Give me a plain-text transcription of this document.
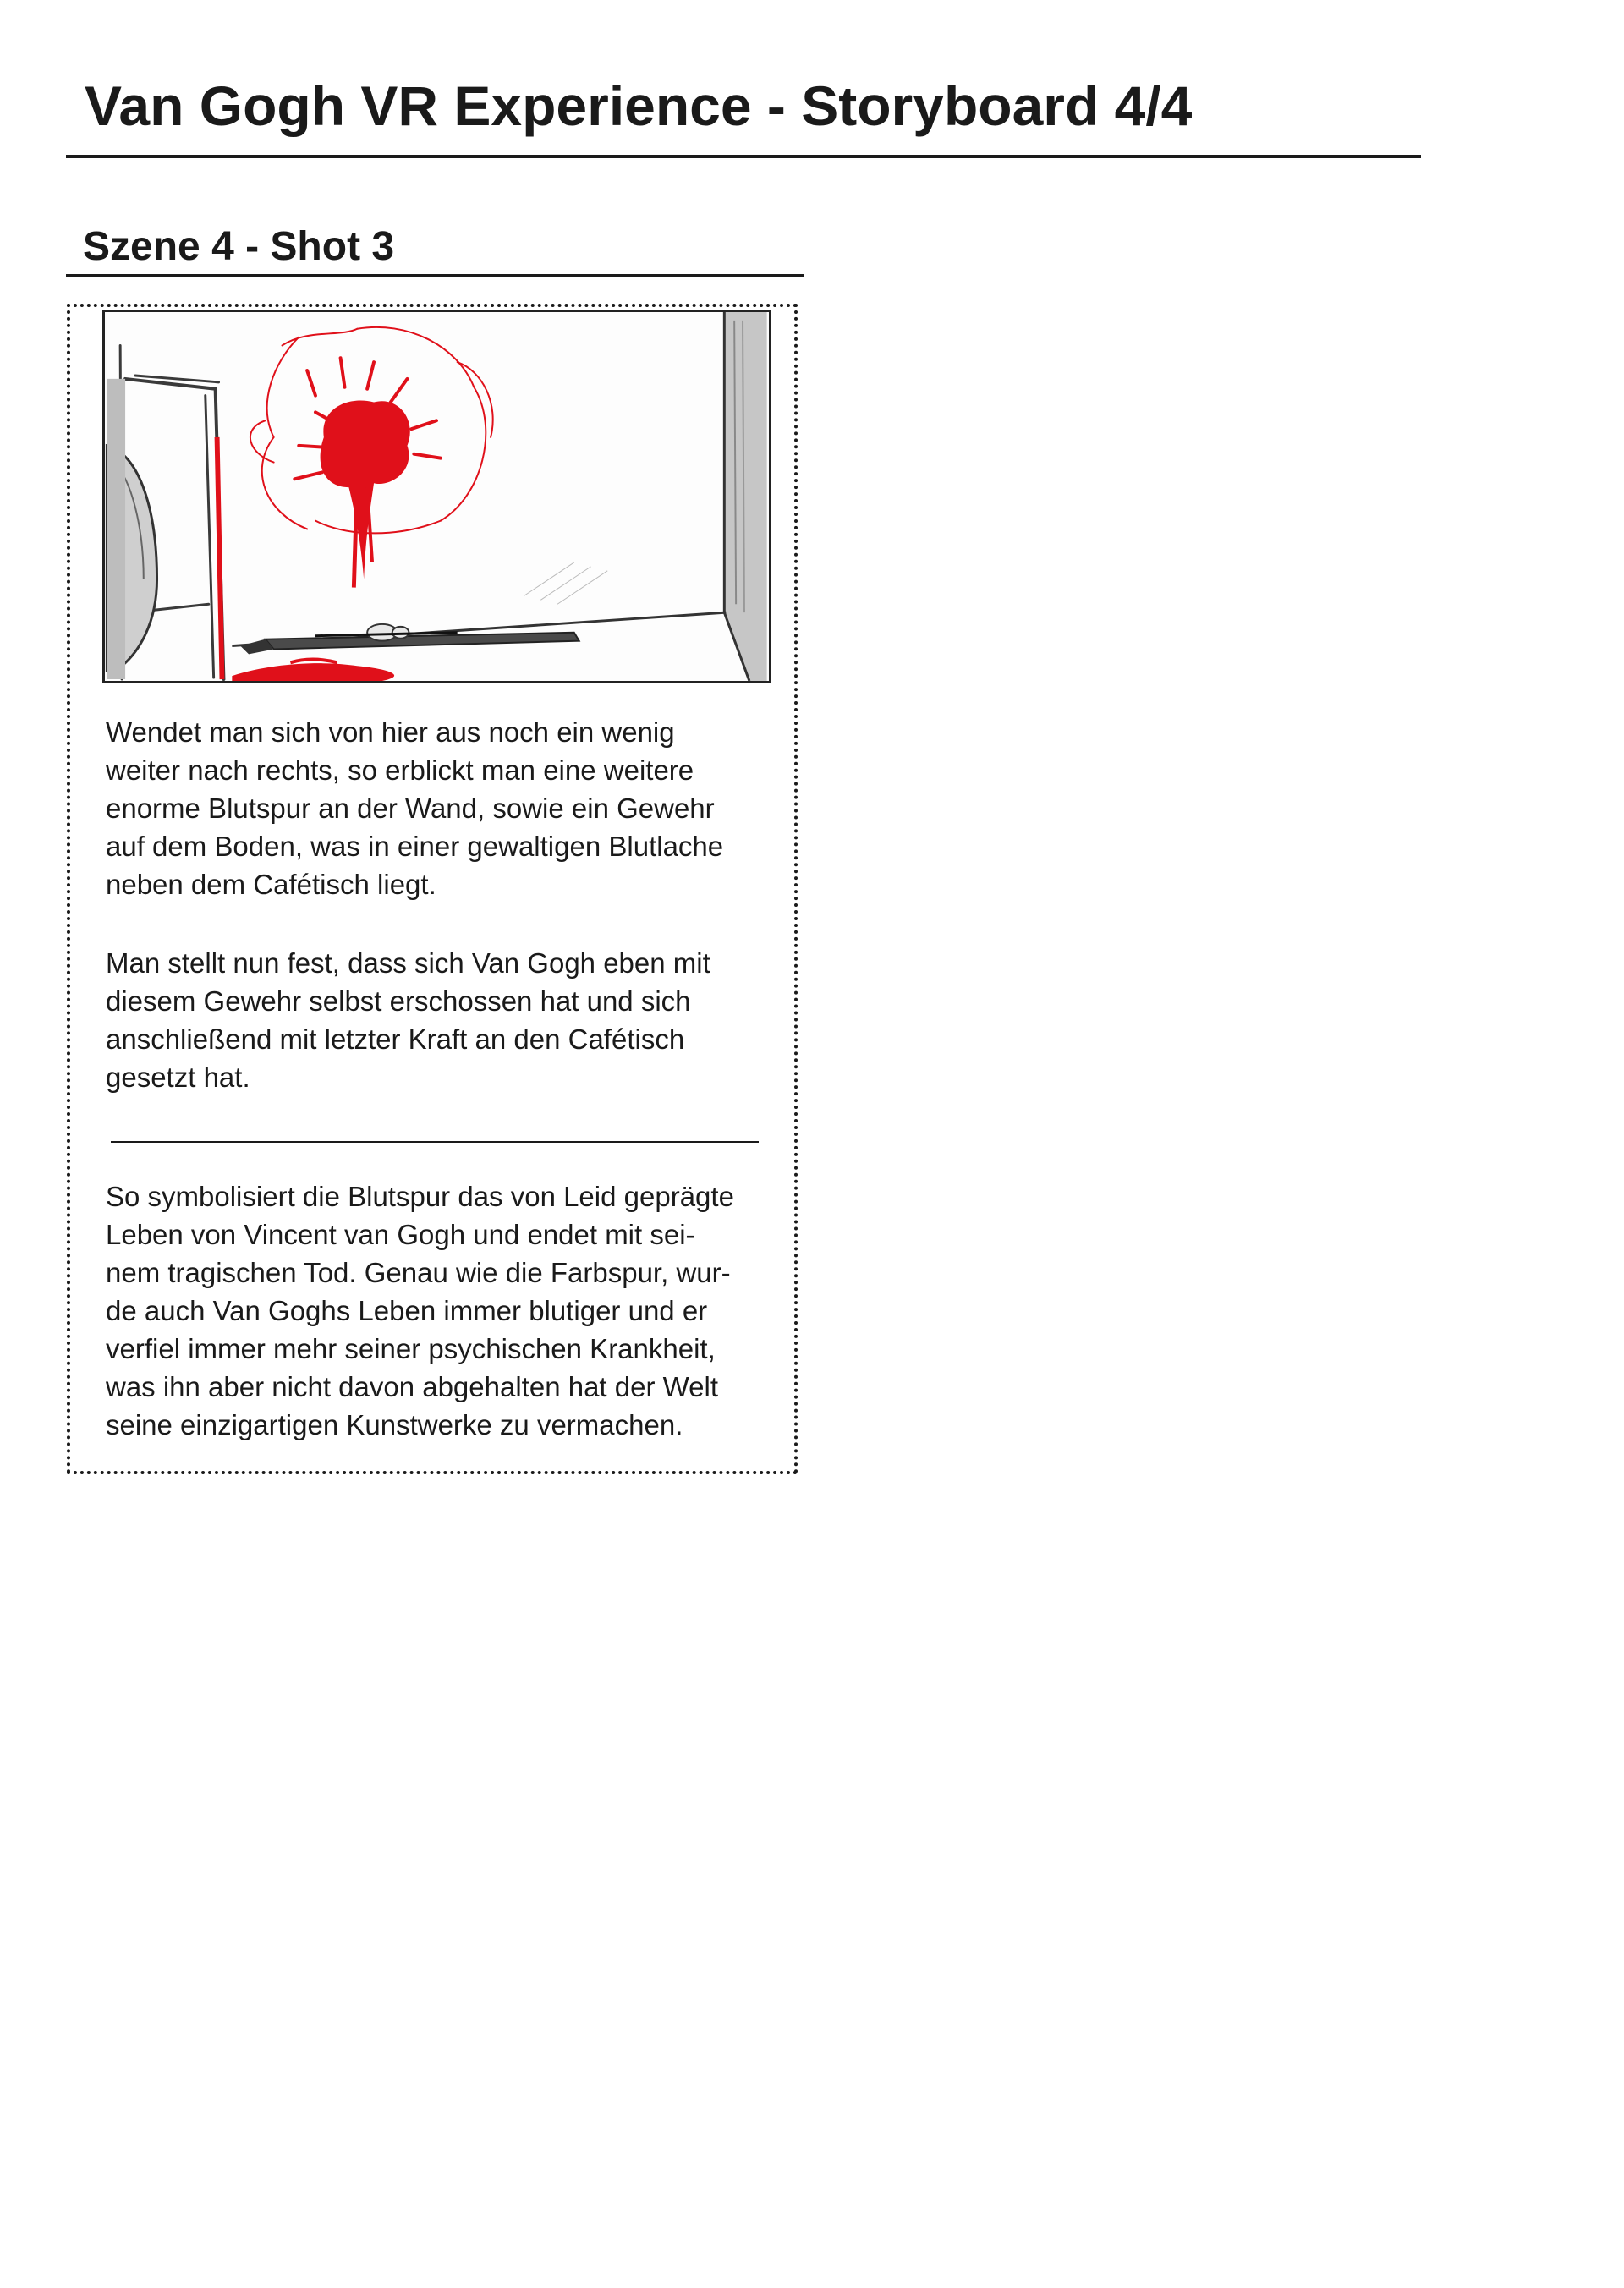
Van Gogh VR Experience - Storyboard 4/4
Szene 4 - Shot 3

Wendet man sich von hier aus noch ein wenig
weiter nach rechts, so erblickt man eine weitere
enorme Blutspur an der Wand, sowie ein Gewehr
auf dem Boden, was in einer gewaltigen Blutlache
neben dem Cafétisch liegt.

Man stellt nun fest, dass sich Van Gogh eben mit
diesem Gewehr selbst erschossen hat und sich
anschließend mit letzter Kraft an den Cafétisch
gesetzt hat.

So symbolisiert die Blutspur das von Leid geprägte
Leben von Vincent van Gogh und endet mit sei-
nem tragischen Tod. Genau wie die Farbspur, wur-
de auch Van Goghs Leben immer blutiger und er
verfiel immer mehr seiner psychischen Krankheit,
was ihn aber nicht davon abgehalten hat der Welt
seine einzigartigen Kunstwerke zu vermachen.
